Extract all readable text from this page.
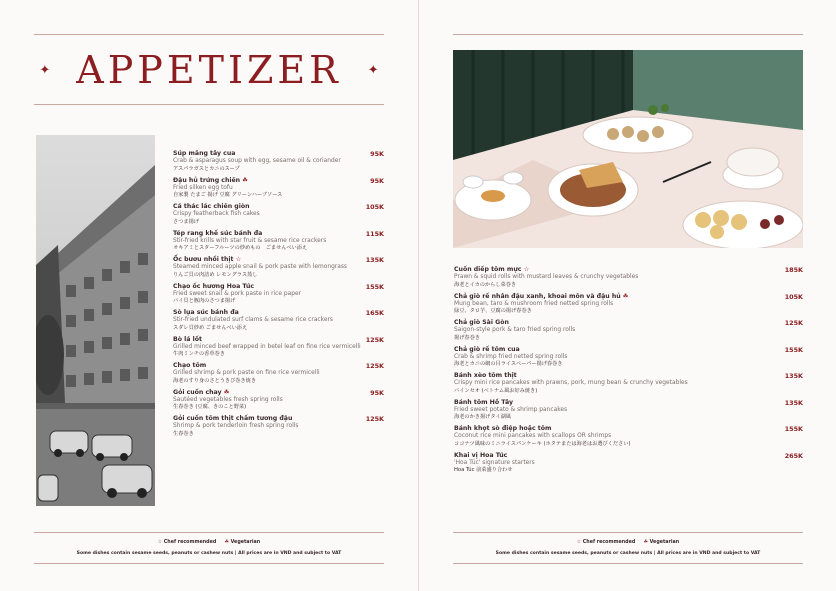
✦ APPETIZER ✦
Súp măng tây cua	95K
Crab & asparagus soup with egg, sesame oil & coriander
アスパラガスとカニのスープ
Đậu hủ trứng chiên ☘	95K
Fried silken egg tofu
自家製 たまご 揚げ 豆腐 グリーンハーブソース
Cá thác lác chiên giòn	105K
Crispy featherback fish cakes
さつま揚げ
Tép rang khế súc bánh đa	115K
Stir-fried krills with star fruit & sesame rice crackers
オキアミとスターフルーツの炒めもの　ごませんべい添え
Ốc bươu nhồi thịt ☆	135K
Steamed minced apple snail & pork paste with lemongrass
りんご貝の肉詰め レモングラス蒸し
Chạo ốc hương Hoa Túc	155K
Fried sweet snail & pork paste in rice paper
バイ貝と豚肉のさつま揚げ
Sò lụa súc bánh đa	165K
Stir-fried undulated surf clams & sesame rice crackers
スダレ貝炒め ごませんべい添え
Bò lá lốt	125K
Grilled minced beef wrapped in betel leaf on fine rice vermicelli
牛肉ミンチの香草巻き
Chạo tôm	125K
Grilled shrimp & pork paste on fine rice vermicelli
海老のすり身のさとうきび巻き焼き
Gỏi cuốn chay ☘	95K
Sautéed vegetables fresh spring rolls
生春巻き (豆腐、きのこと野菜)
Gỏi cuốn tôm thịt chấm tương đậu	125K
Shrimp & pork tenderloin fresh spring rolls
生春巻き
☆ Chef recommended ☘ Vegetarian
Some dishes contain sesame seeds, peanuts or cashew nuts | All prices are in VND and subject to VAT
Cuốn diếp tôm mực ☆	185K
Prawn & squid rolls with mustard leaves & crunchy vegetables
海老とイカのからし菜巻き
Chả giò rế nhân đậu xanh, khoai môn và đậu hủ ☘	105K
Mung bean, taro & mushroom fried netted spring rolls
緑豆、タロ芋、豆腐の揚げ春巻き
Chả giò Sài Gòn	125K
Saigon-style pork & taro fried spring rolls
揚げ春巻き
Chả giò rế tôm cua	155K
Crab & shrimp fried netted spring rolls
海老とカニの網の目ライスペーパー揚げ春巻き
Bánh xèo tôm thịt	135K
Crispy mini rice pancakes with prawns, pork, mung bean & crunchy vegetables
バインセオ (ベトナム風お好み焼き)
Bánh tôm Hồ Tây	135K
Fried sweet potato & shrimp pancakes
海老のかき揚げタイ湖風
Bánh khọt sò điệp hoặc tôm	155K
Coconut rice mini pancakes with scallops OR shrimps
ココナツ風味のミニライスパンケーキ (ホタテまたは海老はお選びください)
Khai vị Hoa Túc	265K
'Hoa Túc' signature starters
Hoa Túc 前菜盛り合わせ
☆ Chef recommended ☘ Vegetarian
Some dishes contain sesame seeds, peanuts or cashew nuts | All prices are in VND and subject to VAT
